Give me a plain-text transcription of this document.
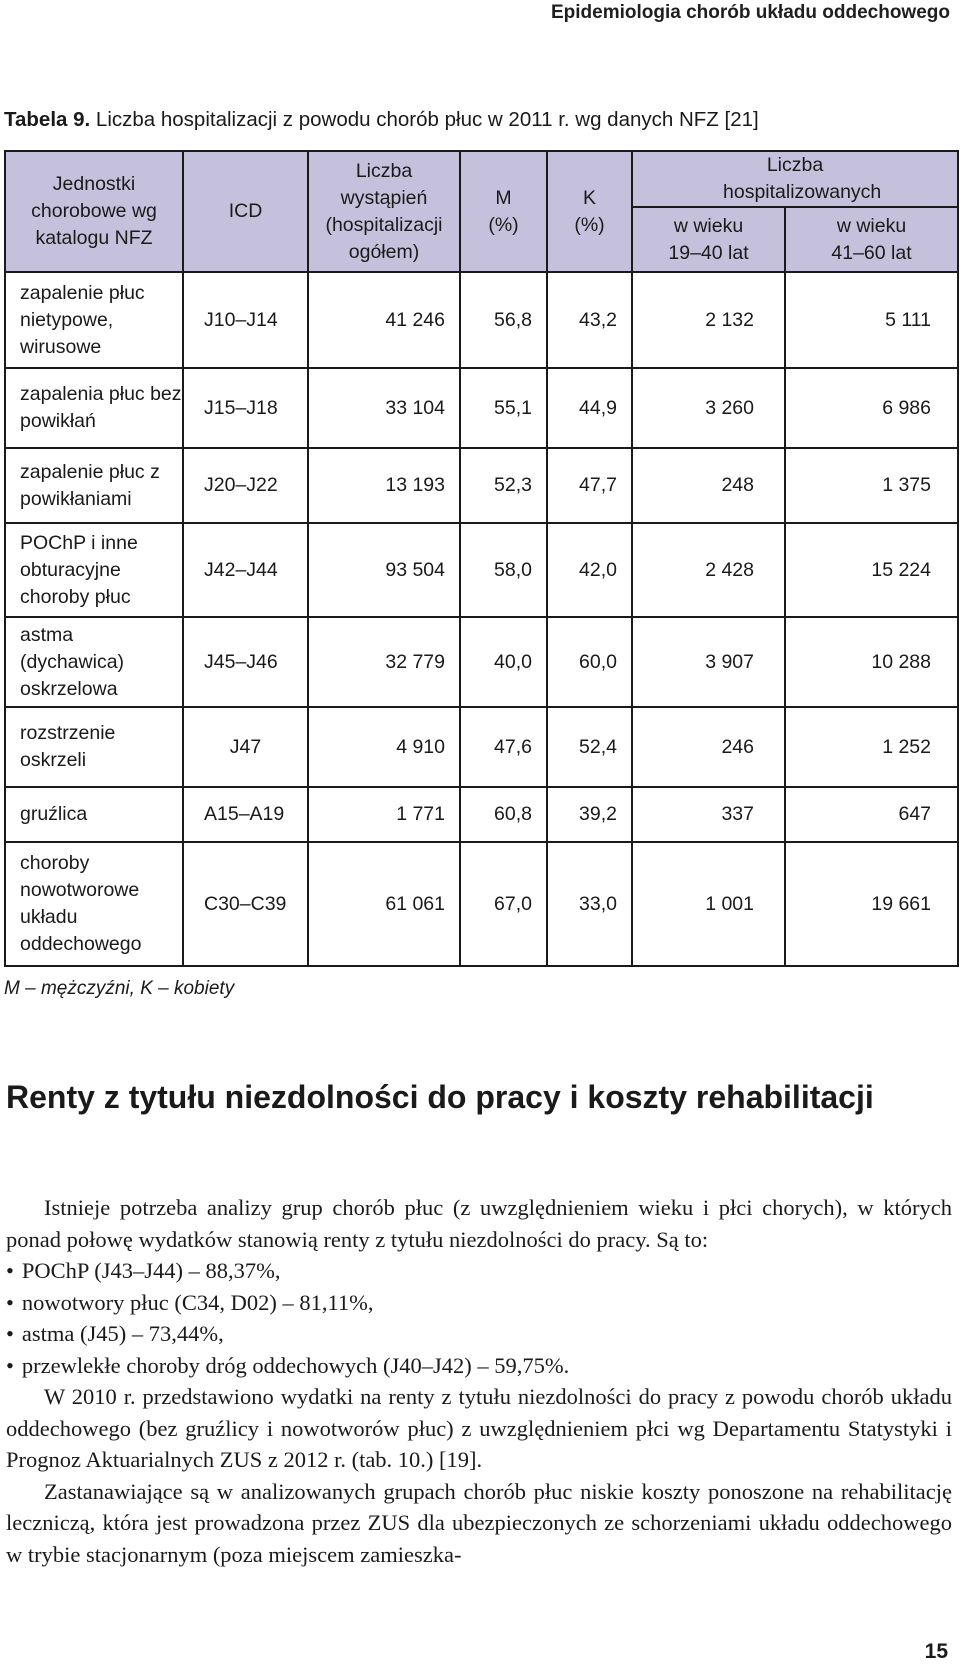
Epidemiologia chorób układu oddechowego
Tabela 9. Liczba hospitalizacji z powodu chorób płuc w 2011 r. wg danych NFZ [21]
Jednostki chorobowe wg katalogu NFZ	ICD	Liczba wystąpień (hospitalizacji ogółem)	M (%)	K (%)	Liczba hospitalizowanych	

					w wieku 19–40 lat	w wieku 41–60 lat

zapalenie płuc nietypowe, wirusowe	J10–J14	41 246	56,8	43,2	2 132	5 111
zapalenia płuc bez powikłań	J15–J18	33 104	55,1	44,9	3 260	6 986
zapalenie płuc z powikłaniami	J20–J22	13 193	52,3	47,7	248	1 375
POChP i inne obturacyjne choroby płuc	J42–J44	93 504	58,0	42,0	2 428	15 224
astma (dychawica) oskrzelowa	J45–J46	32 779	40,0	60,0	3 907	10 288
rozstrzenie oskrzeli	J47	4 910	47,6	52,4	246	1 252
gruźlica	A15–A19	1 771	60,8	39,2	337	647
choroby nowotworowe układu oddechowego	C30–C39	61 061	67,0	33,0	1 001	19 661
M – mężczyźni, K – kobiety
Renty z tytułu niezdolności do pracy i koszty rehabilitacji

Istnieje potrzeba analizy grup chorób płuc (z uwzględnieniem wieku i płci chorych), w których ponad połowę wydatków stanowią renty z tytułu niezdolności do pracy. Są to:

• POChP (J43–J44) – 88,37%,
• nowotwory płuc (C34, D02) – 81,11%,
• astma (J45) – 73,44%,
• przewlekłe choroby dróg oddechowych (J40–J42) – 59,75%.

W 2010 r. przedstawiono wydatki na renty z tytułu niezdolności do pracy z powodu chorób układu oddechowego (bez gruźlicy i nowotworów płuc) z uwzględnieniem płci wg Departamentu Statystyki i Prognoz Aktuarialnych ZUS z 2012 r. (tab. 10.) [19].

Zastanawiające są w analizowanych grupach chorób płuc niskie koszty ponoszone na rehabilitację leczniczą, która jest prowadzona przez ZUS dla ubezpieczonych ze schorzeniami układu oddechowego w trybie stacjonarnym (poza miejscem zamieszka-

15
